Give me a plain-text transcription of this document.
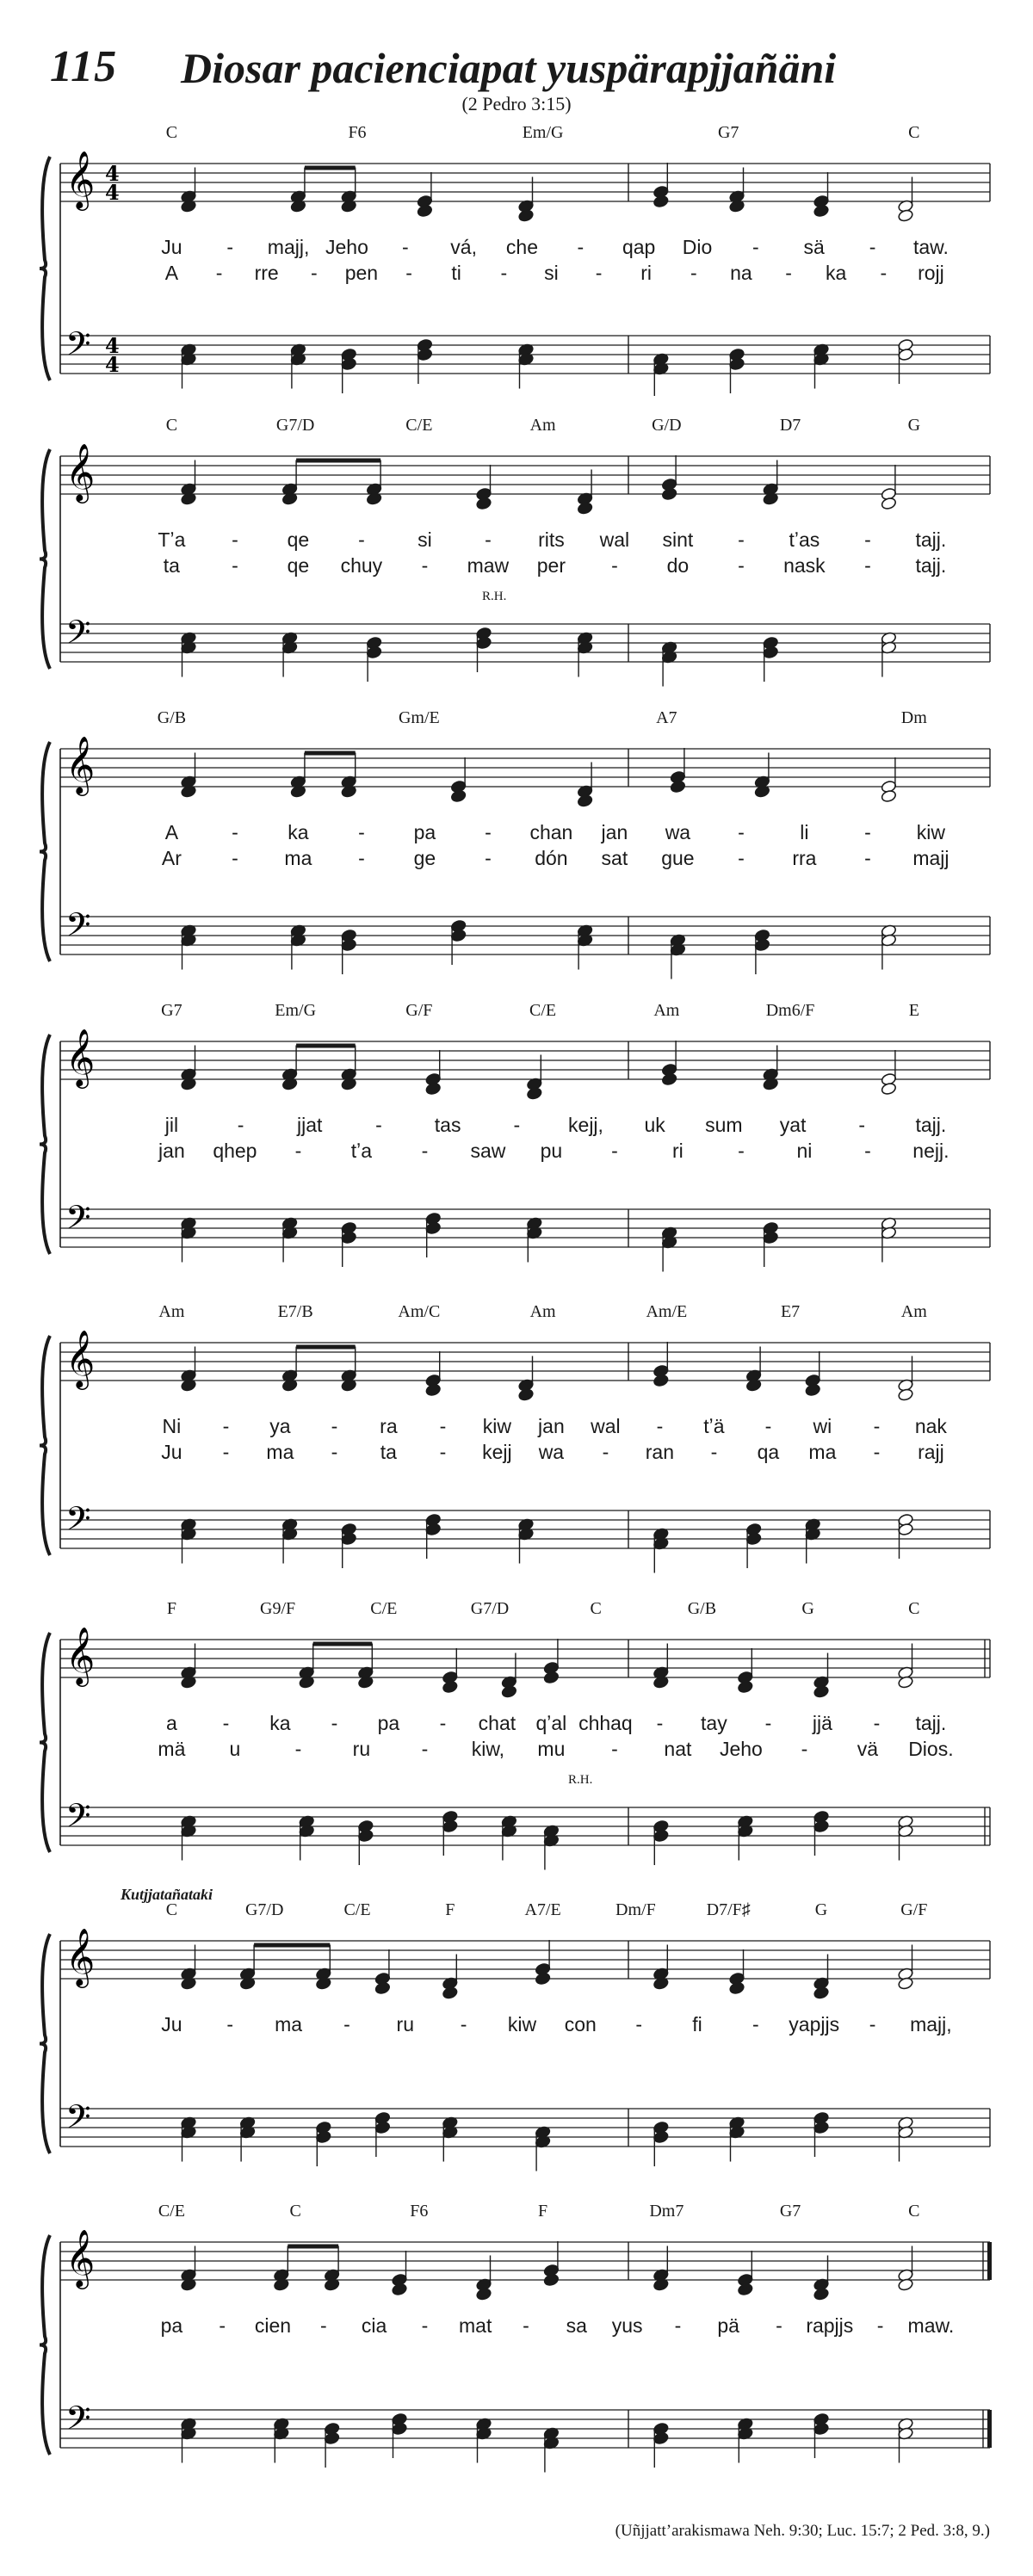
115 Diosar pacienciapat yuspärapjjañäni
(2 Pedro 3:15)
𝄞
𝄢
4
4
4
4
C	F6	Em/G	G7	C
Ju - majj, Jeho - vá, che - qap Dio - sä - taw.
A - rre - pen - ti - si - ri - na - ka - rojj
𝄞
𝄢
R.H.
C	G7/D	C/E	Am	G/D	D7	G
Tʼa - qe -	si	- rits wal sint - tʼas - tajj.
ta	- qe chuy - maw per - do - nask - tajj.
𝄞
𝄢
G/B	Gm/E	A7	Dm
A	-	ka	- pa - chan jan wa -	li	- kiw
Ar	- ma - ge - dón sat gue - rra - majj
𝄞
𝄢
G7	Em/G	G/F	C/E	Am	Dm6/F	E
jil	-	jjat	-	tas	- kejj, uk sum yat	-	tajj.
jan qhep -	tʼa	- saw pu -	ri	-	ni	- nejj.
𝄞
𝄢
Am	E7/B	Am/C	Am	Am/E	E7	Am
Ni - ya - ra - kiw jan wal - tʼä - wi - nak
Ju - ma - ta - kejj wa - ran - qa ma - rajj
𝄞
𝄢
R.H.
F	G9/F	C/E	G7/D	C	G/B	G	C
a - ka - pa - chat qʼal chhaq - tay - jjä - tajj.
mä u	-	ru	- kiw, mu - nat Jeho -	vä Dios.
𝄞
𝄢
Kutjjatañataki
C	G7/D	C/E	F	A7/E	Dm/F	D7/F♯	G	G/F
Ju - ma - ru - kiw con -	fi	- yapjjs - majj,
𝄞
𝄢
C/E	C	F6	F	Dm7	G7	C
pa - cien - cia - mat - sa yus - pä - rapjjs - maw.
(Uñjjattʼarakismawa Neh. 9:30; Luc. 15:7; 2 Ped. 3:8, 9.)
